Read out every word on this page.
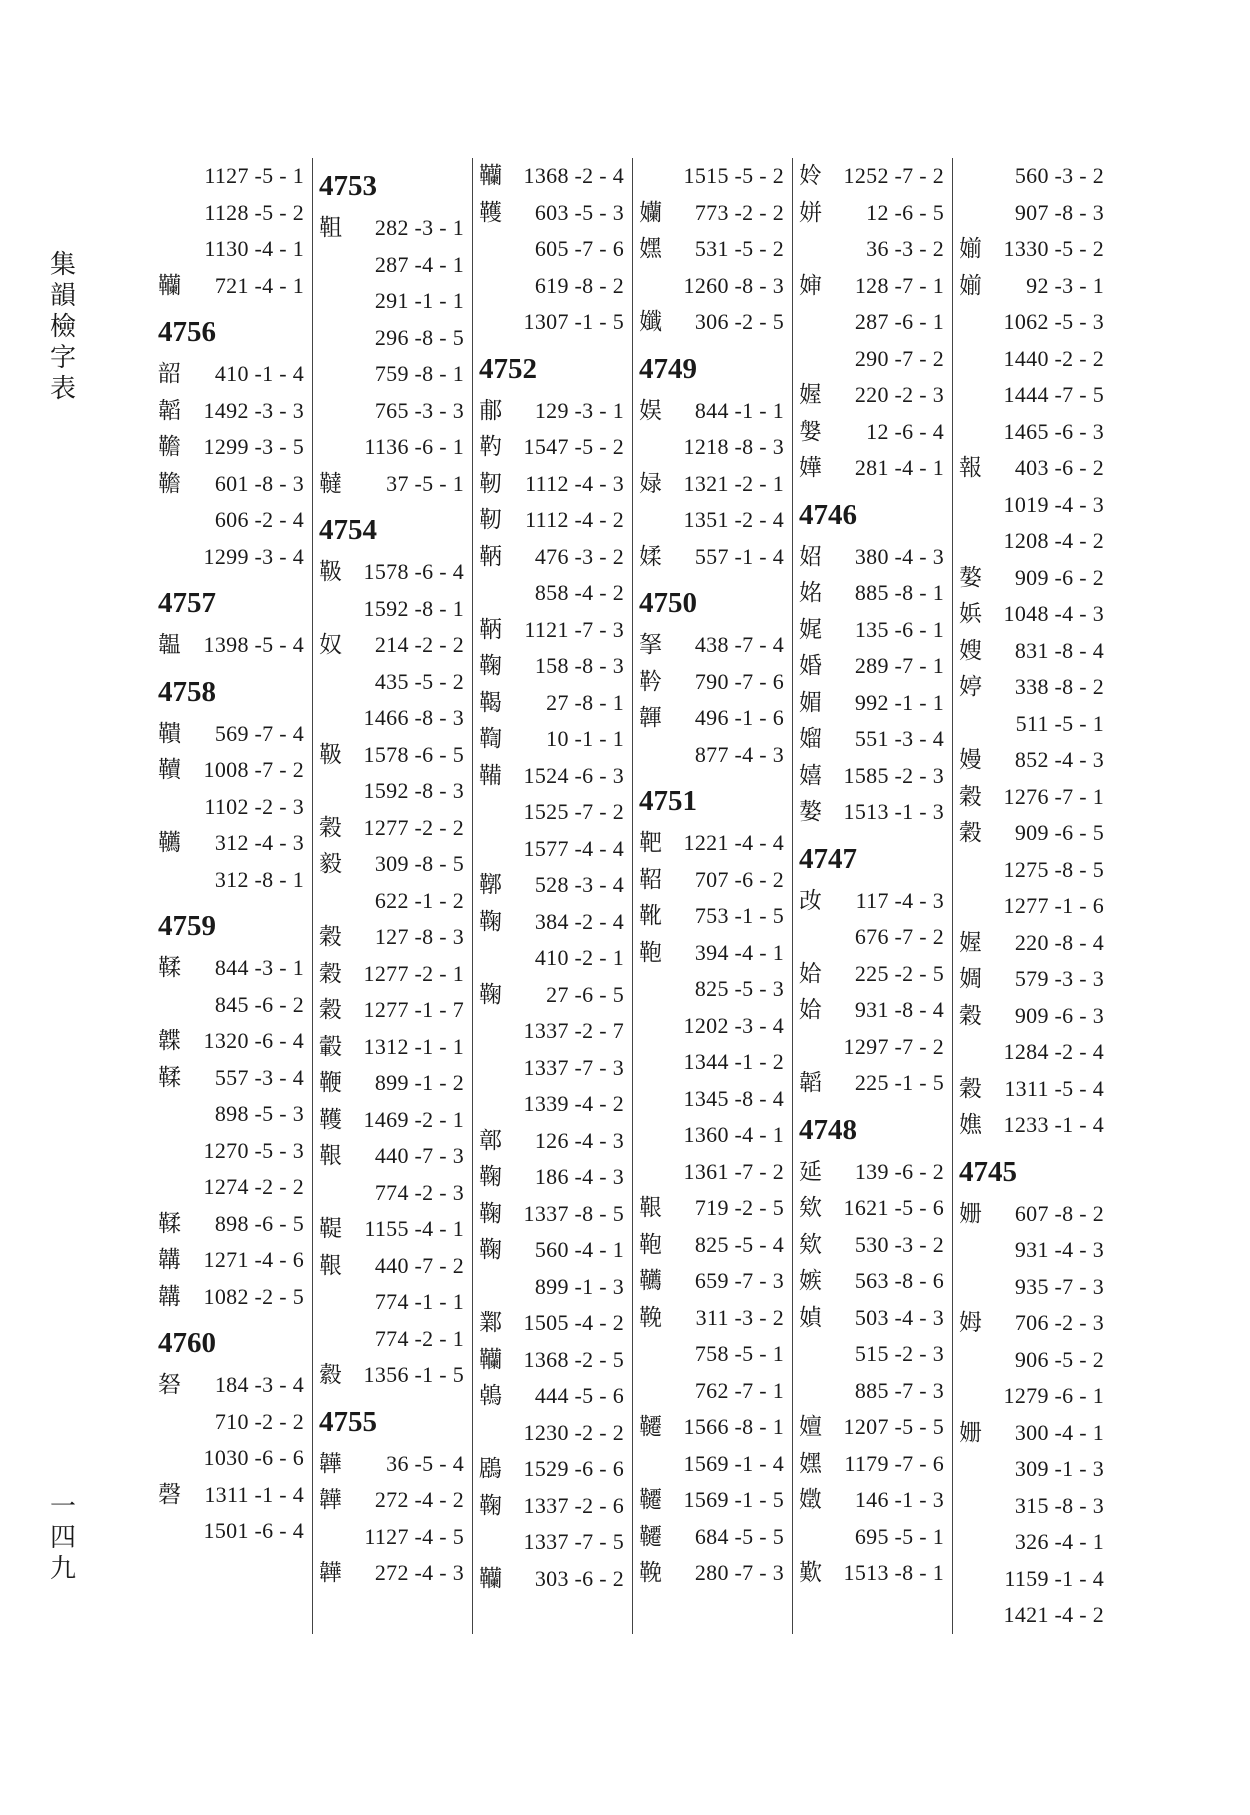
集
韻
檢
字
表
一
四
九
1127 -5 - 1
1128 -5 - 2
1130 -4 - 1
韊	721 -4 - 1
4756
韶	410 -1 - 4
韜	1492 -3 - 3
韂	1299 -3 - 5
韂	601 -8 - 3
606 -2 - 4
1299 -3 - 4
4757
韞	1398 -5 - 4
4758
鞼	569 -7 - 4
韇	1008 -7 - 2
1102 -2 - 3
韉	312 -4 - 3
312 -8 - 1
4759
鞣	844 -3 - 1
845 -6 - 2
韘	1320 -6 - 4
鞣	557 -3 - 4
898 -5 - 3
1270 -5 - 3
1274 -2 - 2
鞣	898 -6 - 5
韝	1271 -4 - 6
韝	1082 -2 - 5
4760
砮	184 -3 - 4
710 -2 - 2
1030 -6 - 6
磬	1311 -1 - 4
1501 -6 - 4
4753
靻	282 -3 - 1
287 -4 - 1
291 -1 - 1
296 -8 - 5
759 -8 - 1
765 -3 - 3
1136 -6 - 1
韃	37 -5 - 1
4754
靸 1578 -6 - 4
1592 -8 - 1
奴	214 -2 - 2
435 -5 - 2
1466 -8 - 3
靸 1578 -6 - 5
1592 -8 - 3
穀 1277 -2 - 2
毅	309 -8 - 5
622 -1 - 2
穀	127 -8 - 3
穀 1277 -2 - 1
穀 1277 -1 - 7
轂 1312 -1 - 1
鞭	899 -1 - 2
韄 1469 -2 - 1
鞎	440 -7 - 3
774 -2 - 3
鞮	1155 -4 - 1
鞎	440 -7 - 2
774 -1 - 1
774 -2 - 1
縠 1356 -1 - 5
4755
韡	36 -5 - 4
韡	272 -4 - 2
1127 -4 - 5
韡	272 -4 - 3
韊 1368 -2 - 4
韄	603 -5 - 3
605 -7 - 6
619 -8 - 2
1307 -1 - 5
4752
郙	129 -3 - 1
靮 1547 -5 - 2
靭	1112 -4 - 3
靭	1112 -4 - 2
鞆	476 -3 - 2
858 -4 - 2
鞆	1121 -7 - 3
鞠	158 -8 - 3
鞨	27 -8 - 1
鞫	10 -1 - 1
鞴 1524 -6 - 3
1525 -7 - 2
1577 -4 - 4
鞹	528 -3 - 4
鞠	384 -2 - 4
410 -2 - 1
鞠	27 -6 - 5
1337 -2 - 7
1337 -7 - 3
1339 -4 - 2
鄣	126 -4 - 3
鞠	186 -4 - 3
鞠 1337 -8 - 5
鞠	560 -4 - 1
899 -1 - 3
鄴 1505 -4 - 2
韊 1368 -2 - 5
鵫	444 -5 - 6
1230 -2 - 2
鶋 1529 -6 - 6
鞠 1337 -2 - 6
1337 -7 - 5
韊	303 -6 - 2
1515 -5 - 2
孏	773 -2 - 2
嫼	531 -5 - 2
1260 -8 - 3
孅	306 -2 - 5
4749
娱	844 -1 - 1
1218 -8 - 3
娽 1321 -2 - 1
1351 -2 - 4
媃	557 -1 - 4
4750
拏	438 -7 - 4
靲	790 -7 - 6
韗	496 -1 - 6
877 -4 - 3
4751
靶 1221 -4 - 4
鞀	707 -6 - 2
靴	753 -1 - 5
鞄	394 -4 - 1
825 -5 - 3
1202 -3 - 4
1344 -1 - 2
1345 -8 - 4
1360 -4 - 1
1361 -7 - 2
鞎	719 -2 - 5
鞄	825 -5 - 4
韉	659 -7 - 3
鞔	311 -3 - 2
758 -5 - 1
762 -7 - 1
韆 1566 -8 - 1
1569 -1 - 4
韆 1569 -1 - 5
韆	684 -5 - 5
鞔	280 -7 - 3
姈 1252 -7 - 2
姘	12 -6 - 5
36 -3 - 2
婶	128 -7 - 1
287 -6 - 1
290 -7 - 2
媉	220 -2 - 3
媻	12 -6 - 4
嬅	281 -4 - 1
4746
妱	380 -4 - 3
姳	885 -8 - 1
娓	135 -6 - 1
婚	289 -7 - 1
媚	992 -1 - 1
媹	551 -3 - 4
嬉 1585 -2 - 3
嫯 1513 -1 - 3
4747
妀	117 -4 - 3
676 -7 - 2
姶	225 -2 - 5
姶	931 -8 - 4
1297 -7 - 2
韜	225 -1 - 5
4748
延	139 -6 - 2
欸 1621 -5 - 6
欸	530 -3 - 2
嫉	563 -8 - 6
媜	503 -4 - 3
515 -2 - 3
885 -7 - 3
嬗 1207 -5 - 5
嫼	1179 -7 - 6
嬍	146 -1 - 3
695 -5 - 1
歎 1513 -8 - 1
560 -3 - 2
907 -8 - 3
媊 1330 -5 - 2
媊	92 -3 - 1
1062 -5 - 3
1440 -2 - 2
1444 -7 - 5
1465 -6 - 3
報	403 -6 - 2
1019 -4 - 3
1208 -4 - 2
嫯	909 -6 - 2
娦 1048 -4 - 3
嫂	831 -8 - 4
婷	338 -8 - 2
511 -5 - 1
嫚	852 -4 - 3
穀 1276 -7 - 1
穀	909 -6 - 5
1275 -8 - 5
1277 -1 - 6
媉	220 -8 - 4
婤	579 -3 - 3
穀	909 -6 - 3
1284 -2 - 4
穀	1311 -5 - 4
嫶 1233 -1 - 4
4745
姗	607 -8 - 2
931 -4 - 3
935 -7 - 3
姆	706 -2 - 3
906 -5 - 2
1279 -6 - 1
姗	300 -4 - 1
309 -1 - 3
315 -8 - 3
326 -4 - 1
1159 -1 - 4
1421 -4 - 2
